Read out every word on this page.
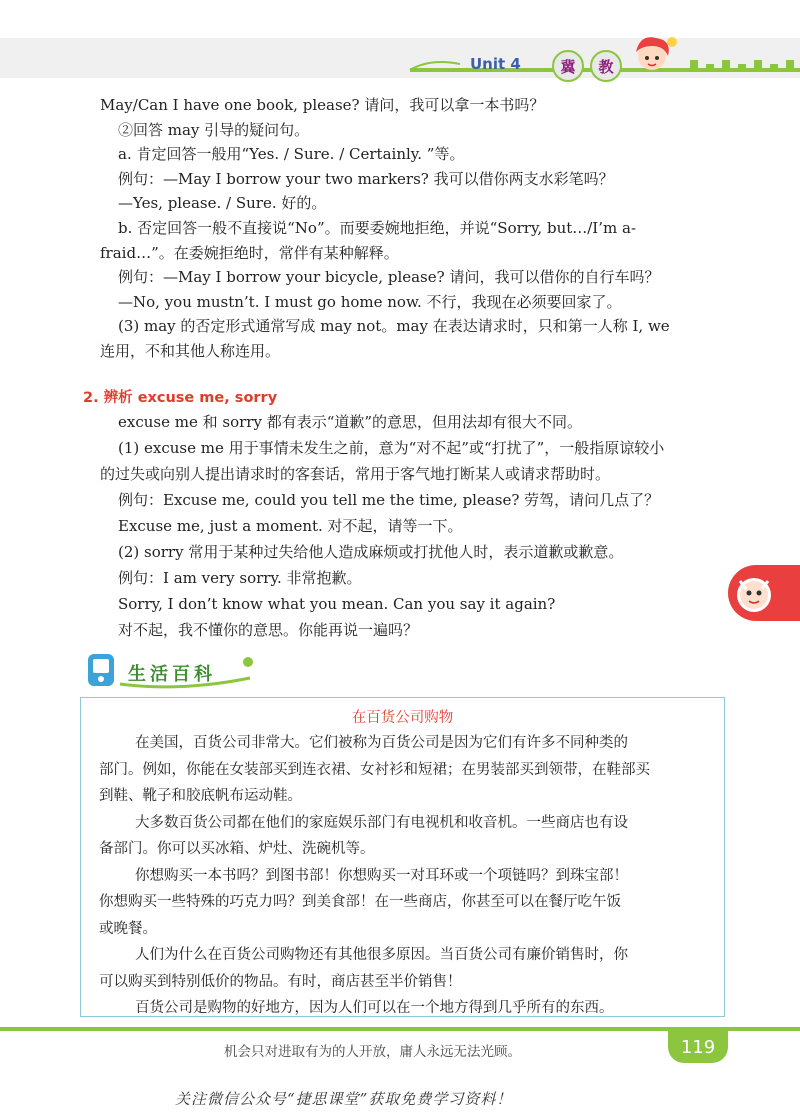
Unit 4	冀	教
May/Can I have one book, please? 请问，我可以拿一本书吗？
②回答 may 引导的疑问句。
a. 肯定回答一般用“Yes. / Sure. / Certainly. ”等。
例句：—May I borrow your two markers? 我可以借你两支水彩笔吗？
—Yes, please. / Sure. 好的。
b. 否定回答一般不直接说“No”。而要委婉地拒绝，并说“Sorry, but…/I’m a-
fraid…”。在委婉拒绝时，常伴有某种解释。
例句：—May I borrow your bicycle, please? 请问，我可以借你的自行车吗？
—No, you mustn’t. I must go home now. 不行，我现在必须要回家了。
(3) may 的否定形式通常写成 may not。may 在表达请求时，只和第一人称 I, we
连用，不和其他人称连用。
2. 辨析 excuse me, sorry
excuse me 和 sorry 都有表示“道歉”的意思，但用法却有很大不同。
(1) excuse me 用于事情未发生之前，意为“对不起”或“打扰了”，一般指原谅较小
的过失或向别人提出请求时的客套话，常用于客气地打断某人或请求帮助时。
例句：Excuse me, could you tell me the time, please? 劳驾，请问几点了？
Excuse me, just a moment. 对不起，请等一下。
(2) sorry 常用于某种过失给他人造成麻烦或打扰他人时，表示道歉或歉意。
例句：I am very sorry. 非常抱歉。
Sorry, I don’t know what you mean. Can you say it again?
对不起，我不懂你的意思。你能再说一遍吗？
生活百科
在百货公司购物
在美国，百货公司非常大。它们被称为百货公司是因为它们有许多不同种类的
部门。例如，你能在女装部买到连衣裙、女衬衫和短裙；在男装部买到领带，在鞋部买
到鞋、靴子和胶底帆布运动鞋。
大多数百货公司都在他们的家庭娱乐部门有电视机和收音机。一些商店也有设
备部门。你可以买冰箱、炉灶、洗碗机等。
你想购买一本书吗？到图书部！你想购买一对耳环或一个项链吗？到珠宝部！
你想购买一些特殊的巧克力吗？到美食部！在一些商店，你甚至可以在餐厅吃午饭
或晚餐。
人们为什么在百货公司购物还有其他很多原因。当百货公司有廉价销售时，你
可以购买到特别低价的物品。有时，商店甚至半价销售！
百货公司是购物的好地方，因为人们可以在一个地方得到几乎所有的东西。
机会只对进取有为的人开放，庸人永远无法光顾。	119
关注微信公众号“捷思课堂”获取免费学习资料！
